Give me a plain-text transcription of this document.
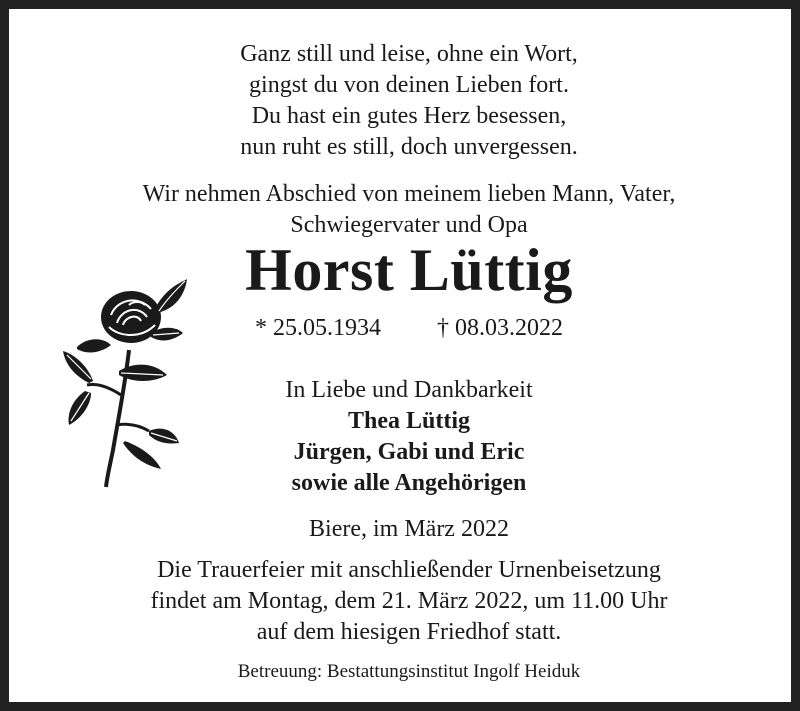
Ganz still und leise, ohne ein Wort,
gingst du von deinen Lieben fort.
Du hast ein gutes Herz besessen,
nun ruht es still, doch unvergessen.
Wir nehmen Abschied von meinem lieben Mann, Vater,
Schwiegervater und Opa
Horst Lüttig
* 25.05.1934 † 08.03.2022
In Liebe und Dankbarkeit
Thea Lüttig
Jürgen, Gabi und Eric
sowie alle Angehörigen
Biere, im März 2022
Die Trauerfeier mit anschließender Urnenbeisetzung
findet am Montag, dem 21. März 2022, um 11.00 Uhr
auf dem hiesigen Friedhof statt.
Betreuung: Bestattungsinstitut Ingolf Heiduk
